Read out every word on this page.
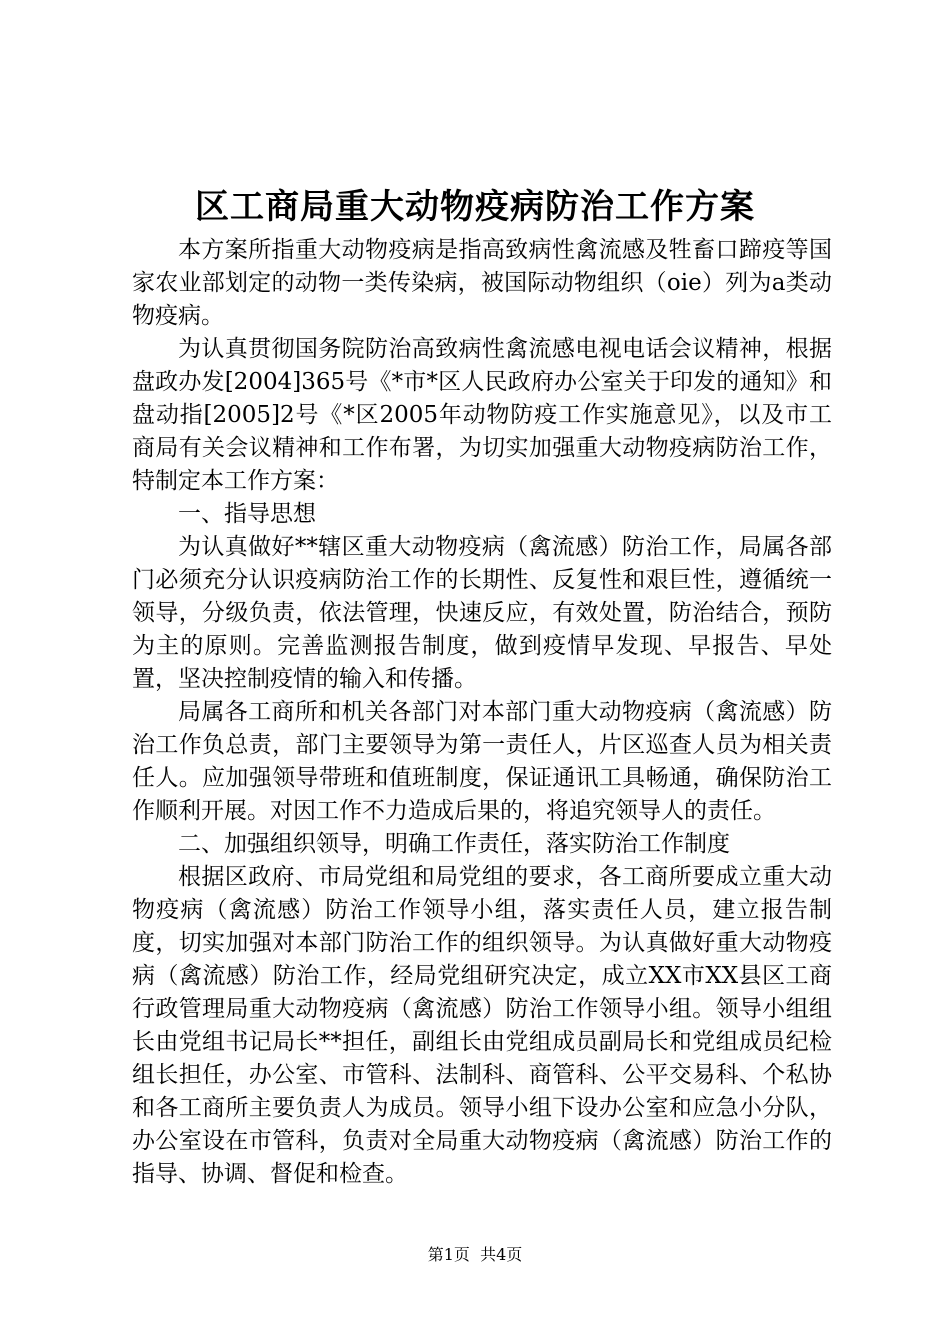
区工商局重大动物疫病防治工作方案

本方案所指重大动物疫病是指高致病性禽流感及牲畜口蹄疫等国家农业部划定的动物一类传染病，被国际动物组织（oie）列为a类动物疫病。

为认真贯彻国务院防治高致病性禽流感电视电话会议精神，根据盘政办发[2004]365号《*市*区人民政府办公室关于印发的通知》和盘动指[2005]2号《*区2005年动物防疫工作实施意见》，以及市工商局有关会议精神和工作布署，为切实加强重大动物疫病防治工作，特制定本工作方案：

一、指导思想

为认真做好**辖区重大动物疫病（禽流感）防治工作，局属各部门必须充分认识疫病防治工作的长期性、反复性和艰巨性，遵循统一领导，分级负责，依法管理，快速反应，有效处置，防治结合，预防为主的原则。完善监测报告制度，做到疫情早发现、早报告、早处置，坚决控制疫情的输入和传播。

局属各工商所和机关各部门对本部门重大动物疫病（禽流感）防治工作负总责，部门主要领导为第一责任人，片区巡查人员为相关责任人。应加强领导带班和值班制度，保证通讯工具畅通，确保防治工作顺利开展。对因工作不力造成后果的，将追究领导人的责任。

二、加强组织领导，明确工作责任，落实防治工作制度

根据区政府、市局党组和局党组的要求，各工商所要成立重大动物疫病（禽流感）防治工作领导小组，落实责任人员，建立报告制度，切实加强对本部门防治工作的组织领导。为认真做好重大动物疫病（禽流感）防治工作，经局党组研究决定，成立XX市XX县区工商行政管理局重大动物疫病（禽流感）防治工作领导小组。领导小组组长由党组书记局长**担任，副组长由党组成员副局长和党组成员纪检组长担任，办公室、市管科、法制科、商管科、公平交易科、个私协和各工商所主要负责人为成员。领导小组下设办公室和应急小分队，办公室设在市管科，负责对全局重大动物疫病（禽流感）防治工作的指导、协调、督促和检查。

第1页 共4页
